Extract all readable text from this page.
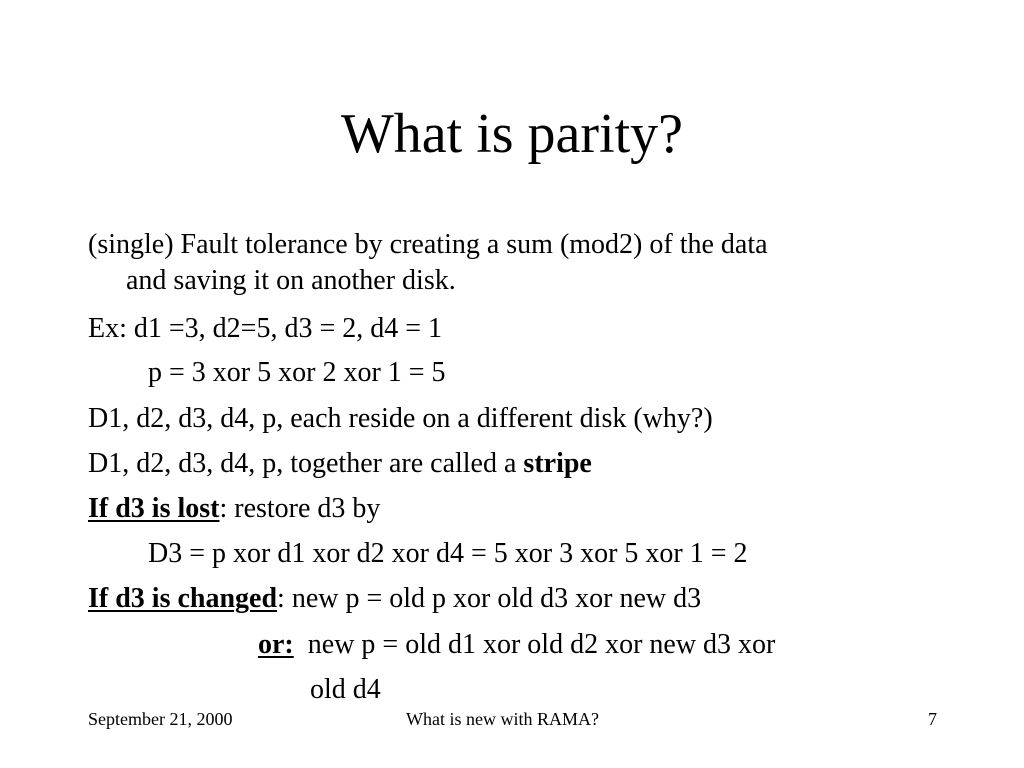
What is parity?
(single) Fault tolerance by creating a sum (mod2) of the data
and saving it on another disk.
Ex: d1 =3, d2=5, d3 = 2, d4 = 1
p = 3 xor 5 xor 2 xor 1 = 5
D1, d2, d3, d4, p, each reside on a different disk (why?)
D1, d2, d3, d4, p, together are called a stripe
If d3 is lost: restore d3 by
D3 = p xor d1 xor d2 xor d4 = 5 xor 3 xor 5 xor 1 = 2
If d3 is changed: new p = old p xor old d3 xor new d3
or:  new p = old d1 xor old d2 xor new d3 xor
old d4
September 21, 2000	What is new with RAMA?	7
